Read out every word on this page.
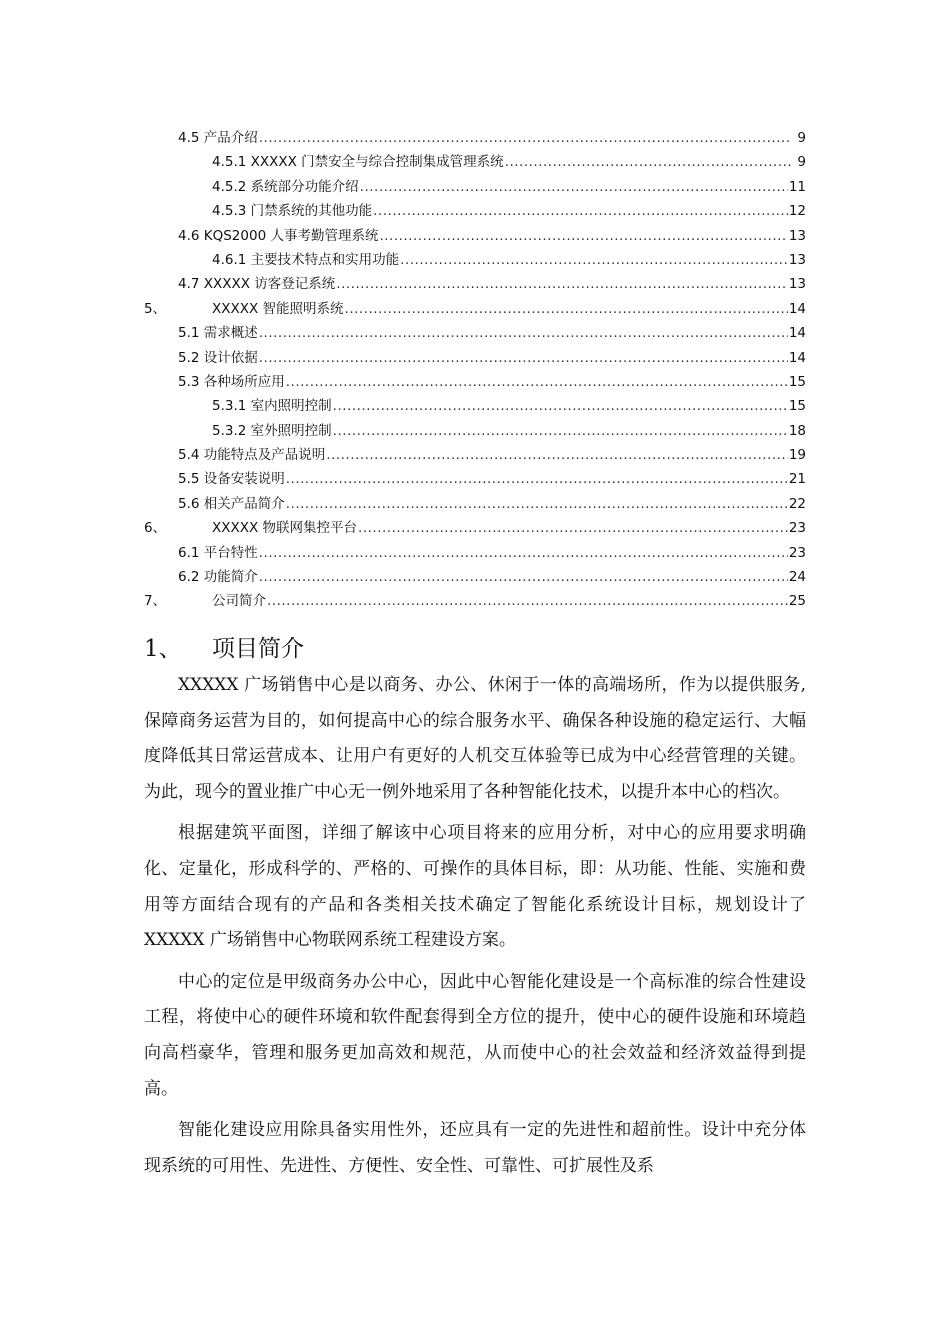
4.5 产品介绍 .....	9
4.5.1 XXXXX 门禁安全与综合控制集成管理系统 .....	9
4.5.2 系统部分功能介绍 .....	11
4.5.3 门禁系统的其他功能 .....	12
4.6 KQS2000 人事考勤管理系统 .....	13
4.6.1 主要技术特点和实用功能 .....	13
4.7 XXXXX 访客登记系统 .....	13
5、	XXXXX 智能照明系统 .....	14
5.1 需求概述 .....	14
5.2 设计依据 .....	14
5.3 各种场所应用 .....	15
5.3.1 室内照明控制 .....	15
5.3.2 室外照明控制 .....	18
5.4 功能特点及产品说明 .....	19
5.5 设备安装说明 .....	21
5.6 相关产品简介 .....	22
6、	XXXXX 物联网集控平台 .....	23
6.1 平台特性 .....	23
6.2 功能简介 .....	24
7、	公司简介 .....	25
1、	项目简介

XXXXX 广场销售中心是以商务、办公、休闲于一体的高端场所，作为以提供服务,保障商务运营为目的，如何提高中心的综合服务水平、确保各种设施的稳定运行、大幅度降低其日常运营成本、让用户有更好的人机交互体验等已成为中心经营管理的关键。为此，现今的置业推广中心无一例外地采用了各种智能化技术，以提升本中心的档次。

根据建筑平面图，详细了解该中心项目将来的应用分析，对中心的应用要求明确化、定量化，形成科学的、严格的、可操作的具体目标，即：从功能、性能、实施和费用等方面结合现有的产品和各类相关技术确定了智能化系统设计目标，规划设计了 XXXXX 广场销售中心物联网系统工程建设方案。

中心的定位是甲级商务办公中心，因此中心智能化建设是一个高标准的综合性建设工程，将使中心的硬件环境和软件配套得到全方位的提升，使中心的硬件设施和环境趋向高档豪华，管理和服务更加高效和规范，从而使中心的社会效益和经济效益得到提高。

智能化建设应用除具备实用性外，还应具有一定的先进性和超前性。设计中充分体现系统的可用性、先进性、方便性、安全性、可靠性、可扩展性及系
